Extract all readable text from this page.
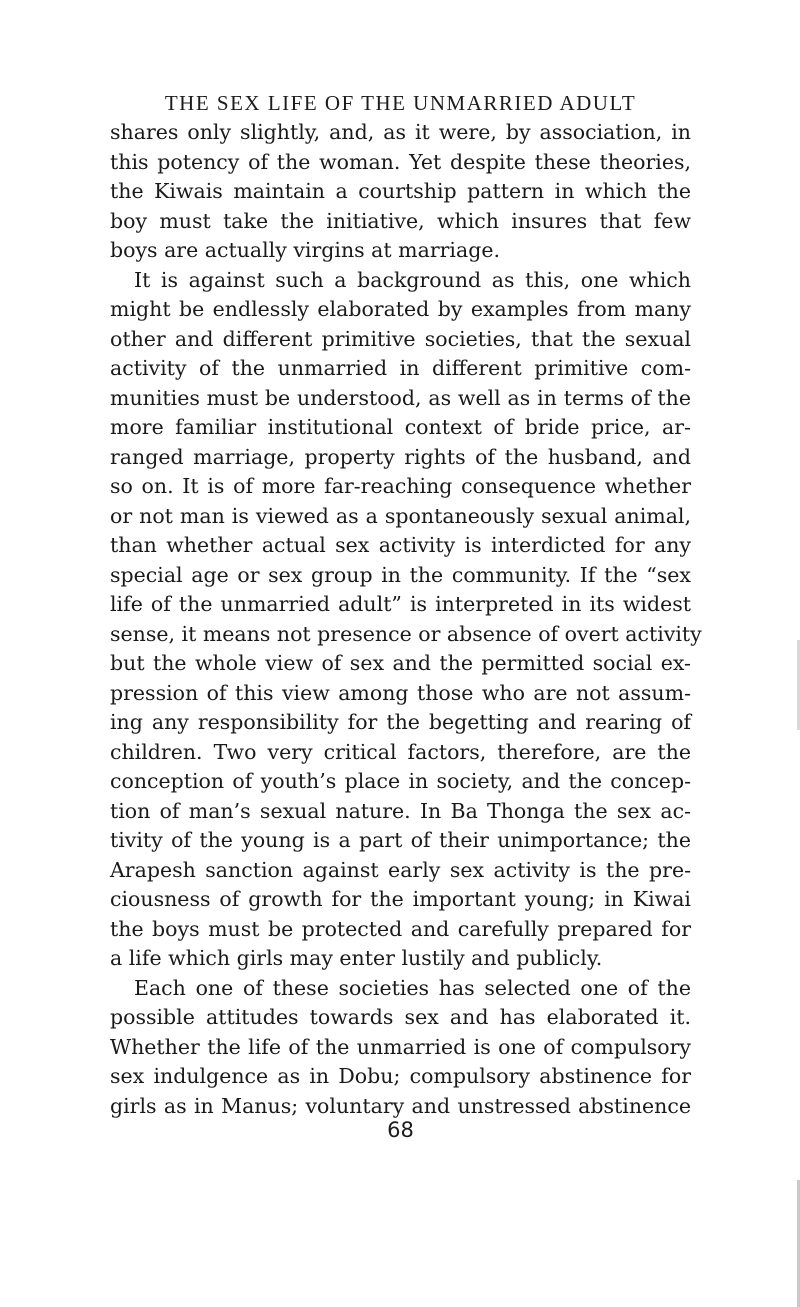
THE SEX LIFE OF THE UNMARRIED ADULT
shares only slightly, and, as it were, by association, in
this potency of the woman. Yet despite these theories,
the Kiwais maintain a courtship pattern in which the
boy must take the initiative, which insures that few
boys are actually virgins at marriage.
It is against such a background as this, one which
might be endlessly elaborated by examples from many
other and different primitive societies, that the sexual
activity of the unmarried in different primitive com-
munities must be understood, as well as in terms of the
more familiar institutional context of bride price, ar-
ranged marriage, property rights of the husband, and
so on. It is of more far-reaching consequence whether
or not man is viewed as a spontaneously sexual animal,
than whether actual sex activity is interdicted for any
special age or sex group in the community. If the “sex
life of the unmarried adult” is interpreted in its widest
sense, it means not presence or absence of overt activity
but the whole view of sex and the permitted social ex-
pression of this view among those who are not assum-
ing any responsibility for the begetting and rearing of
children. Two very critical factors, therefore, are the
conception of youth’s place in society, and the concep-
tion of man’s sexual nature. In Ba Thonga the sex ac-
tivity of the young is a part of their unimportance; the
Arapesh sanction against early sex activity is the pre-
ciousness of growth for the important young; in Kiwai
the boys must be protected and carefully prepared for
a life which girls may enter lustily and publicly.
Each one of these societies has selected one of the
possible attitudes towards sex and has elaborated it.
Whether the life of the unmarried is one of compulsory
sex indulgence as in Dobu; compulsory abstinence for
girls as in Manus; voluntary and unstressed abstinence
68
